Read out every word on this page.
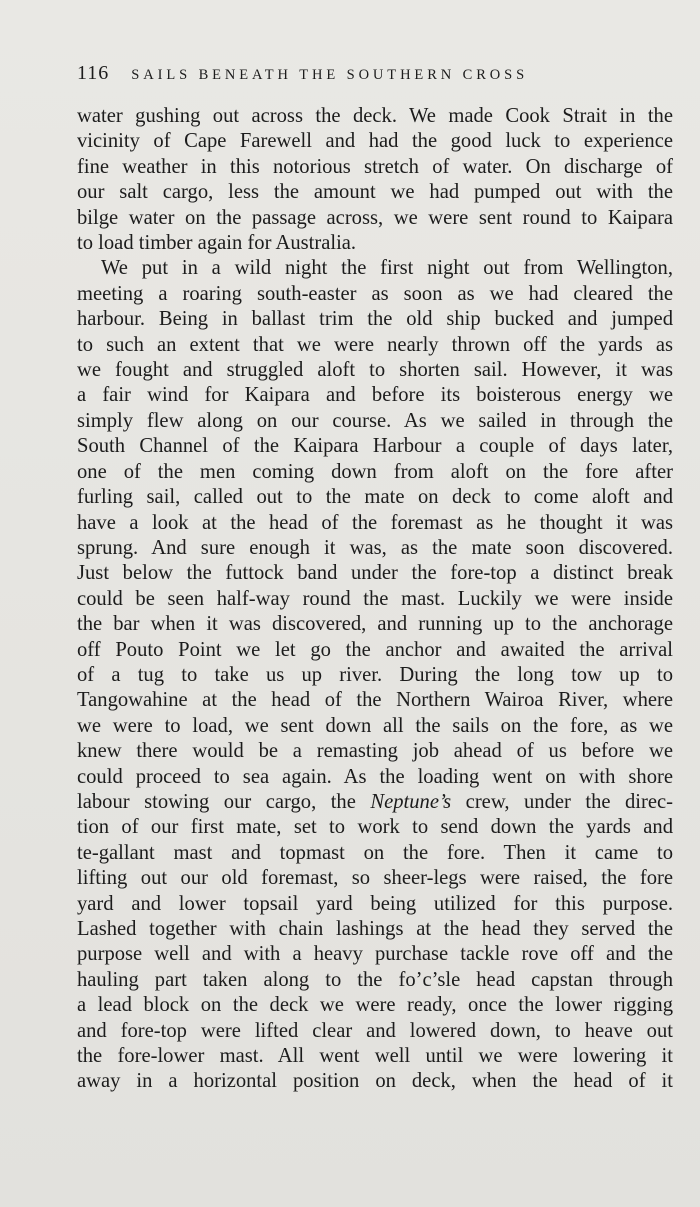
116 SAILS BENEATH THE SOUTHERN CROSS

water gushing out across the deck. We made Cook Strait in the

vicinity of Cape Farewell and had the good luck to experience

fine weather in this notorious stretch of water. On discharge of

our salt cargo, less the amount we had pumped out with the

bilge water on the passage across, we were sent round to Kaipara

to load timber again for Australia.

We put in a wild night the first night out from Wellington,

meeting a roaring south-easter as soon as we had cleared the

harbour. Being in ballast trim the old ship bucked and jumped

to such an extent that we were nearly thrown off the yards as

we fought and struggled aloft to shorten sail. However, it was

a fair wind for Kaipara and before its boisterous energy we

simply flew along on our course. As we sailed in through the

South Channel of the Kaipara Harbour a couple of days later,

one of the men coming down from aloft on the fore after

furling sail, called out to the mate on deck to come aloft and

have a look at the head of the foremast as he thought it was

sprung. And sure enough it was, as the mate soon discovered.

Just below the futtock band under the fore-top a distinct break

could be seen half-way round the mast. Luckily we were inside

the bar when it was discovered, and running up to the anchorage

off Pouto Point we let go the anchor and awaited the arrival

of a tug to take us up river. During the long tow up to

Tangowahine at the head of the Northern Wairoa River, where

we were to load, we sent down all the sails on the fore, as we

knew there would be a remasting job ahead of us before we

could proceed to sea again. As the loading went on with shore

labour stowing our cargo, the Neptune’s crew, under the direc-

tion of our first mate, set to work to send down the yards and

te-gallant mast and topmast on the fore. Then it came to

lifting out our old foremast, so sheer-legs were raised, the fore

yard and lower topsail yard being utilized for this purpose.

Lashed together with chain lashings at the head they served the

purpose well and with a heavy purchase tackle rove off and the

hauling part taken along to the fo’c’sle head capstan through

a lead block on the deck we were ready, once the lower rigging

and fore-top were lifted clear and lowered down, to heave out

the fore-lower mast. All went well until we were lowering it

away in a horizontal position on deck, when the head of it
